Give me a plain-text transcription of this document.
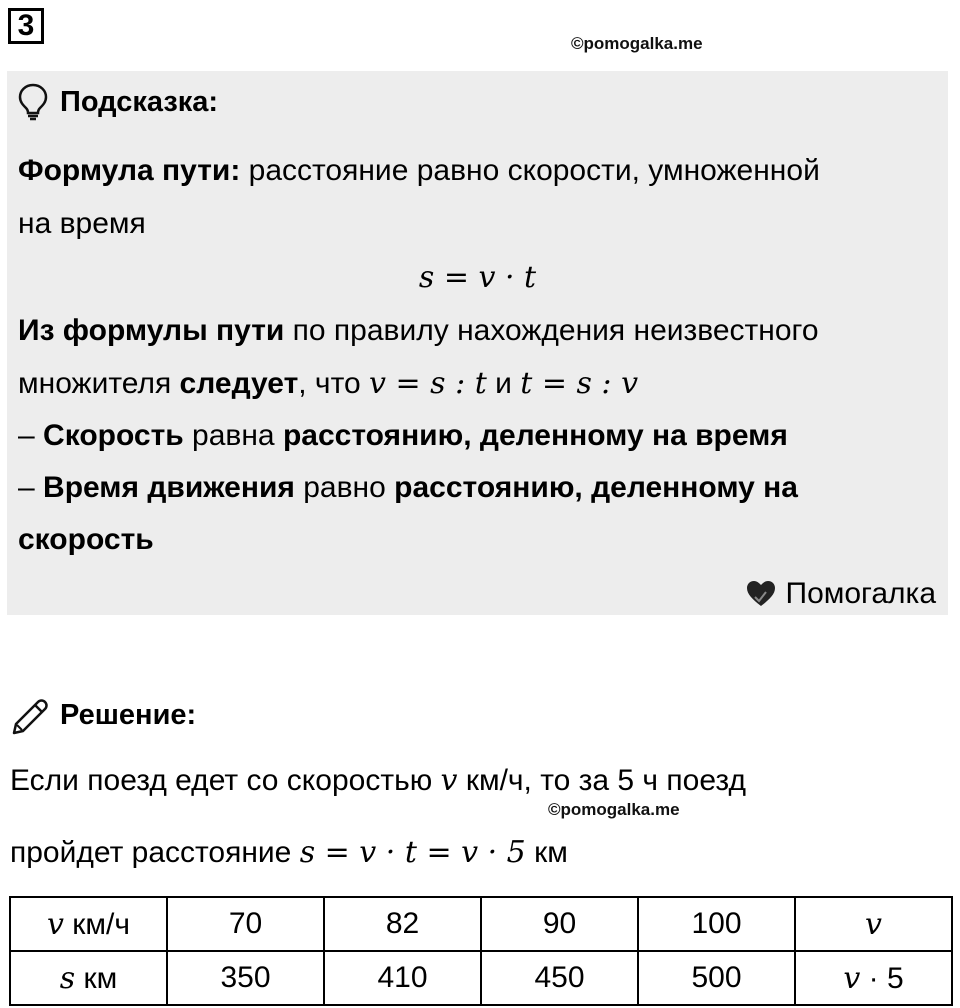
3
©pomogalka.me
Подсказка:
Формула пути: расстояние равно скорости, умноженной
на время
s = v · t
Из формулы пути по правилу нахождения неизвестного
множителя следует, что v = s : t и t = s : v
– Скорость равна расстоянию, деленному на время
– Время движения равно расстоянию, деленному на
скорость
Помогалка
Решение:
Если поезд едет со скоростью v км/ч, то за 5 ч поезд
©pomogalka.me
пройдет расстояние s = v · t = v · 5 км
v км/ч	70	82	90	100	v
s км	350	410	450	500	v · 5
